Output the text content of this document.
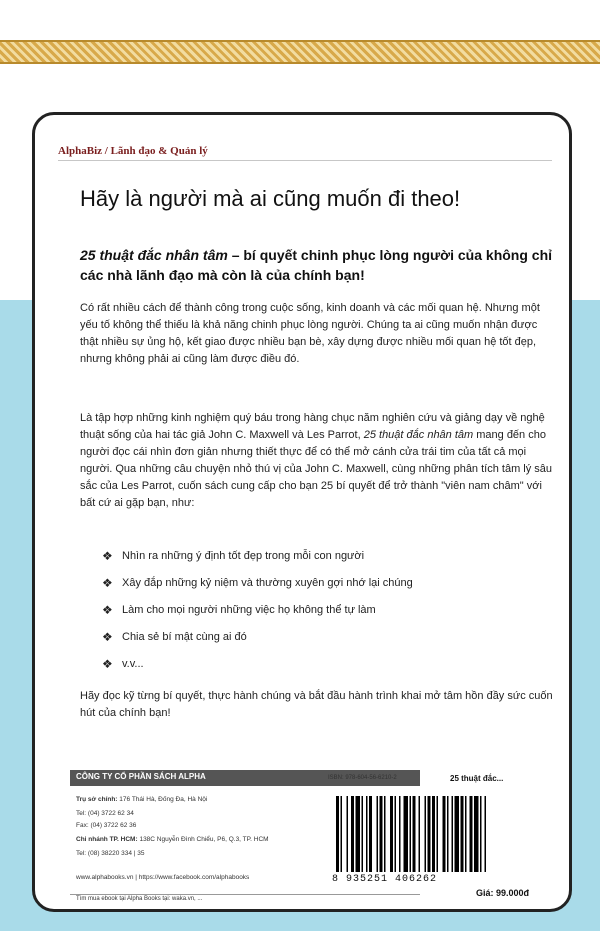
AlphaBiz / Lãnh đạo & Quản lý
Hãy là người mà ai cũng muốn đi theo!
25 thuật đắc nhân tâm – bí quyết chinh phục lòng người của không chỉ các nhà lãnh đạo mà còn là của chính bạn!
Có rất nhiều cách để thành công trong cuộc sống, kinh doanh và các mối quan hệ. Nhưng một yếu tố không thể thiếu là khả năng chinh phục lòng người. Chúng ta ai cũng muốn nhận được thật nhiều sự ủng hộ, kết giao được nhiều bạn bè, xây dựng được nhiều mối quan hệ tốt đẹp, nhưng không phải ai cũng làm được điều đó.
Là tập hợp những kinh nghiệm quý báu trong hàng chục năm nghiên cứu và giảng dạy về nghệ thuật sống của hai tác giả John C. Maxwell và Les Parrot, 25 thuật đắc nhân tâm mang đến cho người đọc cái nhìn đơn giản nhưng thiết thực để có thể mở cánh cửa trái tim của tất cả mọi người. Qua những câu chuyện nhỏ thú vị của John C. Maxwell, cùng những phân tích tâm lý sâu sắc của Les Parrot, cuốn sách cung cấp cho bạn 25 bí quyết để trở thành "viên nam châm" với bất cứ ai gặp bạn, như:
❖ Nhìn ra những ý định tốt đẹp trong mỗi con người
❖ Xây đắp những kỷ niệm và thường xuyên gợi nhớ lại chúng
❖ Làm cho mọi người những việc họ không thể tự làm
❖ Chia sẻ bí mật cùng ai đó
❖ v.v...
Hãy đọc kỹ từng bí quyết, thực hành chúng và bắt đầu hành trình khai mở tâm hồn đầy sức cuốn hút của chính bạn!
CÔNG TY CỔ PHẦN SÁCH ALPHA	ISBN: 978-604-56-6210-2	25 thuật đắc...
Trụ sở chính: 176 Thái Hà, Đống Đa, Hà Nội
Tel: (04) 3722 62 34
Fax: (04) 3722 62 36
Chi nhánh TP. HCM: 138C Nguyễn Đình Chiểu, P6, Q.3, TP. HCM
Tel: (08) 38220 334 | 35
www.alphabooks.vn | https://www.facebook.com/alphabooks
Tìm mua ebook tại Alpha Books tại: waka.vn, ...
8 935251 406262
Giá: 99.000đ
